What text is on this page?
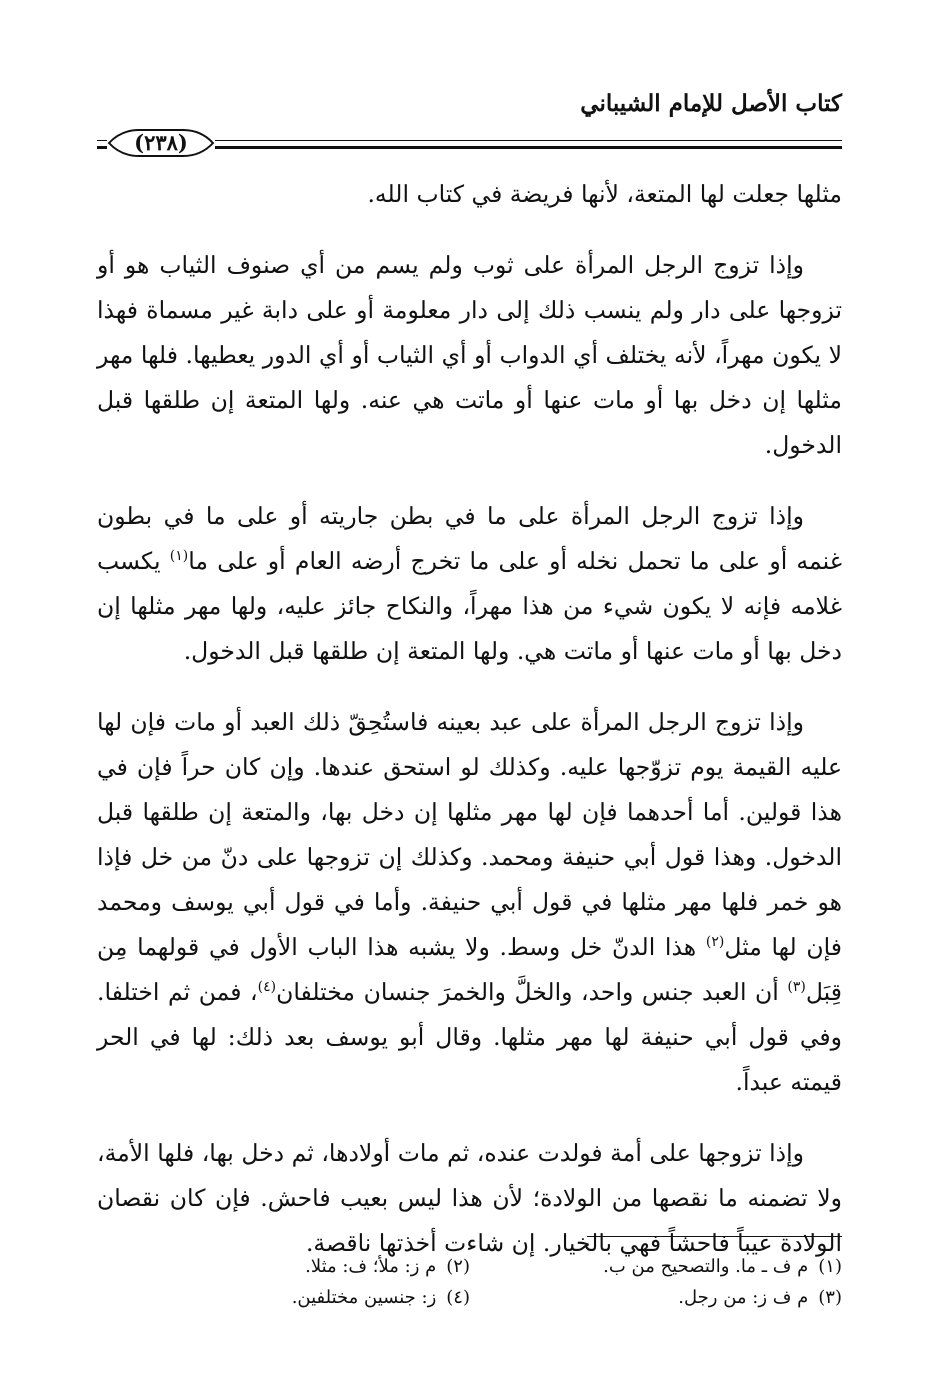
كتاب الأصل للإمام الشيباني
(٢٣٨)

مثلها جعلت لها المتعة، لأنها فريضة في كتاب الله.

وإذا تزوج الرجل المرأة على ثوب ولم يسم من أي صنوف الثياب هو أو تزوجها على دار ولم ينسب ذلك إلى دار معلومة أو على دابة غير مسماة فهذا لا يكون مهراً، لأنه يختلف أي الدواب أو أي الثياب أو أي الدور يعطيها. فلها مهر مثلها إن دخل بها أو مات عنها أو ماتت هي عنه. ولها المتعة إن طلقها قبل الدخول.

وإذا تزوج الرجل المرأة على ما في بطن جاريته أو على ما في بطون غنمه أو على ما تحمل نخله أو على ما تخرج أرضه العام أو على ما$^{(١)}$ يكسب غلامه فإنه لا يكون شيء من هذا مهراً، والنكاح جائز عليه، ولها مهر مثلها إن دخل بها أو مات عنها أو ماتت هي. ولها المتعة إن طلقها قبل الدخول.

وإذا تزوج الرجل المرأة على عبد بعينه فاستُحِقّ ذلك العبد أو مات فإن لها عليه القيمة يوم تزوّجها عليه. وكذلك لو استحق عندها. وإن كان حراً فإن في هذا قولين. أما أحدهما فإن لها مهر مثلها إن دخل بها، والمتعة إن طلقها قبل الدخول. وهذا قول أبي حنيفة ومحمد. وكذلك إن تزوجها على دنّ من خل فإذا هو خمر فلها مهر مثلها في قول أبي حنيفة. وأما في قول أبي يوسف ومحمد فإن لها مثل$^{(٢)}$ هذا الدنّ خل وسط. ولا يشبه هذا الباب الأول في قولهما مِن قِبَل$^{(٣)}$ أن العبد جنس واحد، والخلَّ والخمرَ جنسان مختلفان$^{(٤)}$، فمن ثم اختلفا. وفي قول أبي حنيفة لها مهر مثلها. وقال أبو يوسف بعد ذلك: لها في الحر قيمته عبداً.

وإذا تزوجها على أمة فولدت عنده، ثم مات أولادها، ثم دخل بها، فلها الأمة، ولا تضمنه ما نقصها من الولادة؛ لأن هذا ليس بعيب فاحش. فإن كان نقصان الولادة عيباً فاحشاً فهي بالخيار. إن شاءت أخذتها ناقصة.

(١)م ف ـ ما. والتصحيح من ب.
(٢)م ز: ملأ؛ ف: مثلا.
(٣)م ف ز: من رجل.
(٤)ز: جنسين مختلفين.
